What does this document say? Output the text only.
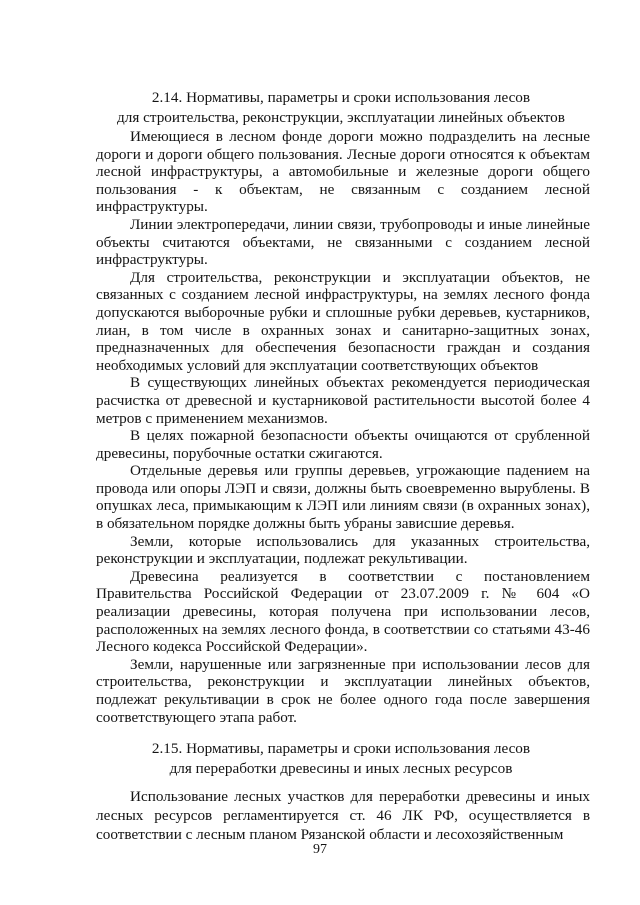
2.14. Нормативы, параметры и сроки использования лесов
для строительства, реконструкции, эксплуатации линейных объектов

Имеющиеся в лесном фонде дороги можно подразделить на лесные дороги и дороги общего пользования. Лесные дороги относятся к объектам лесной инфраструктуры, а автомобильные и железные дороги общего пользования - к объектам, не связанным с созданием лесной инфраструктуры.

Линии электропередачи, линии связи, трубопроводы и иные линейные объекты считаются объектами, не связанными с созданием лесной инфраструктуры.

Для строительства, реконструкции и эксплуатации объектов, не связанных с созданием лесной инфраструктуры, на землях лесного фонда допускаются выборочные рубки и сплошные рубки деревьев, кустарников, лиан, в том числе в охранных зонах и санитарно-защитных зонах, предназначенных для обеспечения безопасности граждан и создания необходимых условий для эксплуатации соответствующих объектов

В существующих линейных объектах рекомендуется периодическая расчистка от древесной и кустарниковой растительности высотой более 4 метров с применением механизмов.

В целях пожарной безопасности объекты очищаются от срубленной древесины, порубочные остатки сжигаются.

Отдельные деревья или группы деревьев, угрожающие падением на провода или опоры ЛЭП и связи, должны быть своевременно вырублены. В опушках леса, примыкающим к ЛЭП или линиям связи (в охранных зонах), в обязательном порядке должны быть убраны зависшие деревья.

Земли, которые использовались для указанных строительства, реконструкции и эксплуатации, подлежат рекультивации.

Древесина реализуется в соответствии с постановлением Правительства Российской Федерации от 23.07.2009 г. № 604 «О реализации древесины, которая получена при использовании лесов, расположенных на землях лесного фонда, в соответствии со статьями 43-46 Лесного кодекса Российской Федерации».

Земли, нарушенные или загрязненные при использовании лесов для строительства, реконструкции и эксплуатации линейных объектов, подлежат рекультивации в срок не более одного года после завершения соответствующего этапа работ.

2.15. Нормативы, параметры и сроки использования лесов
для переработки древесины и иных лесных ресурсов

Использование лесных участков для переработки древесины и иных лесных ресурсов регламентируется ст. 46 ЛК РФ, осуществляется в соответствии с лесным планом Рязанской области и лесохозяйственным

97
